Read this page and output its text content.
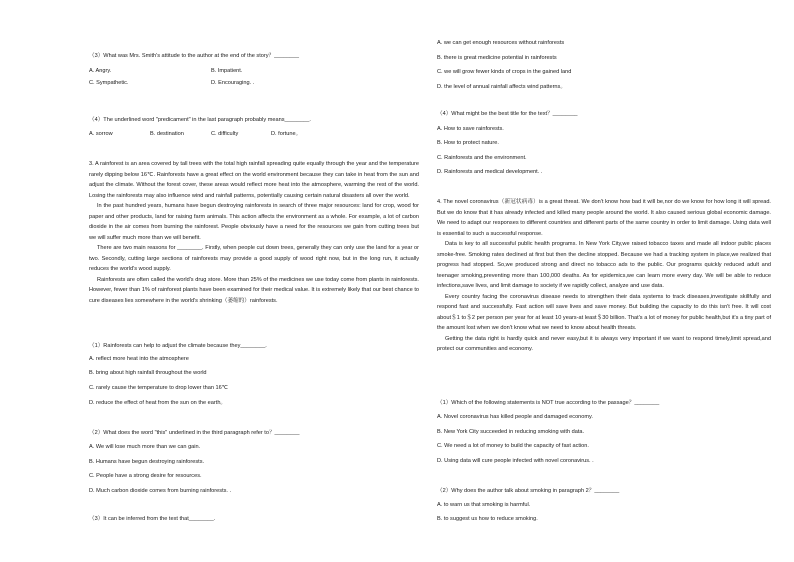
（3）What was Mrs. Smith's attitude to the author at the end of the story？________
A. Angry.	B. Impatient.
C. Sympathetic.	D. Encouraging. .
（4）The underlined word "predicament" in the last paragraph probably means________.
A. sorrow	B. destination	C. difficulty	D. fortune。

3. A rainforest is an area covered by tall trees with the total high rainfall spreading quite equally through the year and the temperature rarely dipping below 16℃. Rainforests have a great effect on the world environment because they can take in heat from the sun and adjust the climate. Without the forest cover, these areas would reflect more heat into the atmosphere, warming the rest of the world. Losing the rainforests may also influence wind and rainfall patterns, potentially causing certain natural disasters all over the world.

In the past hundred years, humans have begun destroying rainforests in search of three major resources: land for crop, wood for paper and other products, land for raising farm animals. This action affects the environment as a whole. For example, a lot of carbon dioxide in the air comes from burning the rainforest. People obviously have a need for the resources we gain from cutting trees but we will suffer much more than we will benefit.

There are two main reasons for ________. Firstly, when people cut down trees, generally they can only use the land for a year or two. Secondly, cutting large sections of rainforests may provide a good supply of wood right now, but in the long run, it actually reduces the world's wood supply.

Rainforests are often called the world's drug store. More than 25% of the medicines we use today come from plants in rainforests. However, fewer than 1% of rainforest plants have been examined for their medical value. It is extremely likely that our best chance to cure diseases lies somewhere in the world's shrinking（萎缩的）rainforests.

（1）Rainforests can help to adjust the climate because they________.
A. reflect more heat into the atmosphere
B. bring about high rainfall throughout the world
C. rarely cause the temperature to drop lower than 16℃
D. reduce the effect of heat from the sun on the earth。
（2）What does the word "this" underlined in the third paragraph refer to？________
A. We will lose much more than we can gain.
B. Humans have begun destroying rainforests.
C. People have a strong desire for resources.
D. Much carbon dioxide comes from burning rainforests. .
（3）It can be inferred from the text that________.
A. we can get enough resources without rainforests
B. there is great medicine potential in rainforests
C. we will grow fewer kinds of crops in the gained land
D. the level of annual rainfall affects wind patterns。
（4）What might be the best title for the text？________
A. How to save rainforests.
B. How to protect nature.
C. Rainforests and the environment.
D. Rainforests and medical development. .

4. The novel coronavirus（新冠状病毒）is a great threat. We don't know how bad it will be,nor do we know for how long it will spread. But we do know that it has already infected and killed many people around the world. It also caused serious global economic damage. We need to adapt our responses to different countries and different parts of the same country in order to limit damage. Using data well is essential to such a successful response.

Data is key to all successful public health programs. In New York City,we raised tobacco taxes and made all indoor public places smoke-free. Smoking rates declined at first but then the decline stopped. Because we had a tracking system in place,we realized that progress had stopped. So,we produced strong and direct no tobacco ads to the public. Our programs quickly reduced adult and teenager smoking,preventing more than 100,000 deaths. As for epidemics,we can learn more every day. We will be able to reduce infections,save lives, and limit damage to society if we rapidly collect, analyze and use data.

Every country facing the coronavirus disease needs to strengthen their data systems to track diseases,investigate skillfully and respond fast and successfully. Fast action will save lives and save money. But building the capacity to do this isn't free. It will cost about＄1 to＄2 per person per year for at least 10 years-at least＄30 billion. That's a lot of money for public health,but it's a tiny part of the amount lost when we don't know what we need to know about health threats.

Getting the data right is hardly quick and never easy,but it is always very important if we want to respond timely,limit spread,and protect our communities and economy.

（1）Which of the following statements is NOT true according to the passage？________
A. Novel coronavirus has killed people and damaged economy.
B. New York City succeeded in reducing smoking with data.
C. We need a lot of money to build the capacity of fast action.
D. Using data will cure people infected with novel coronavirus. .
（2）Why does the author talk about smoking in paragraph 2？________
A. to warn us that smoking is harmful.
B. to suggest us how to reduce smoking.
